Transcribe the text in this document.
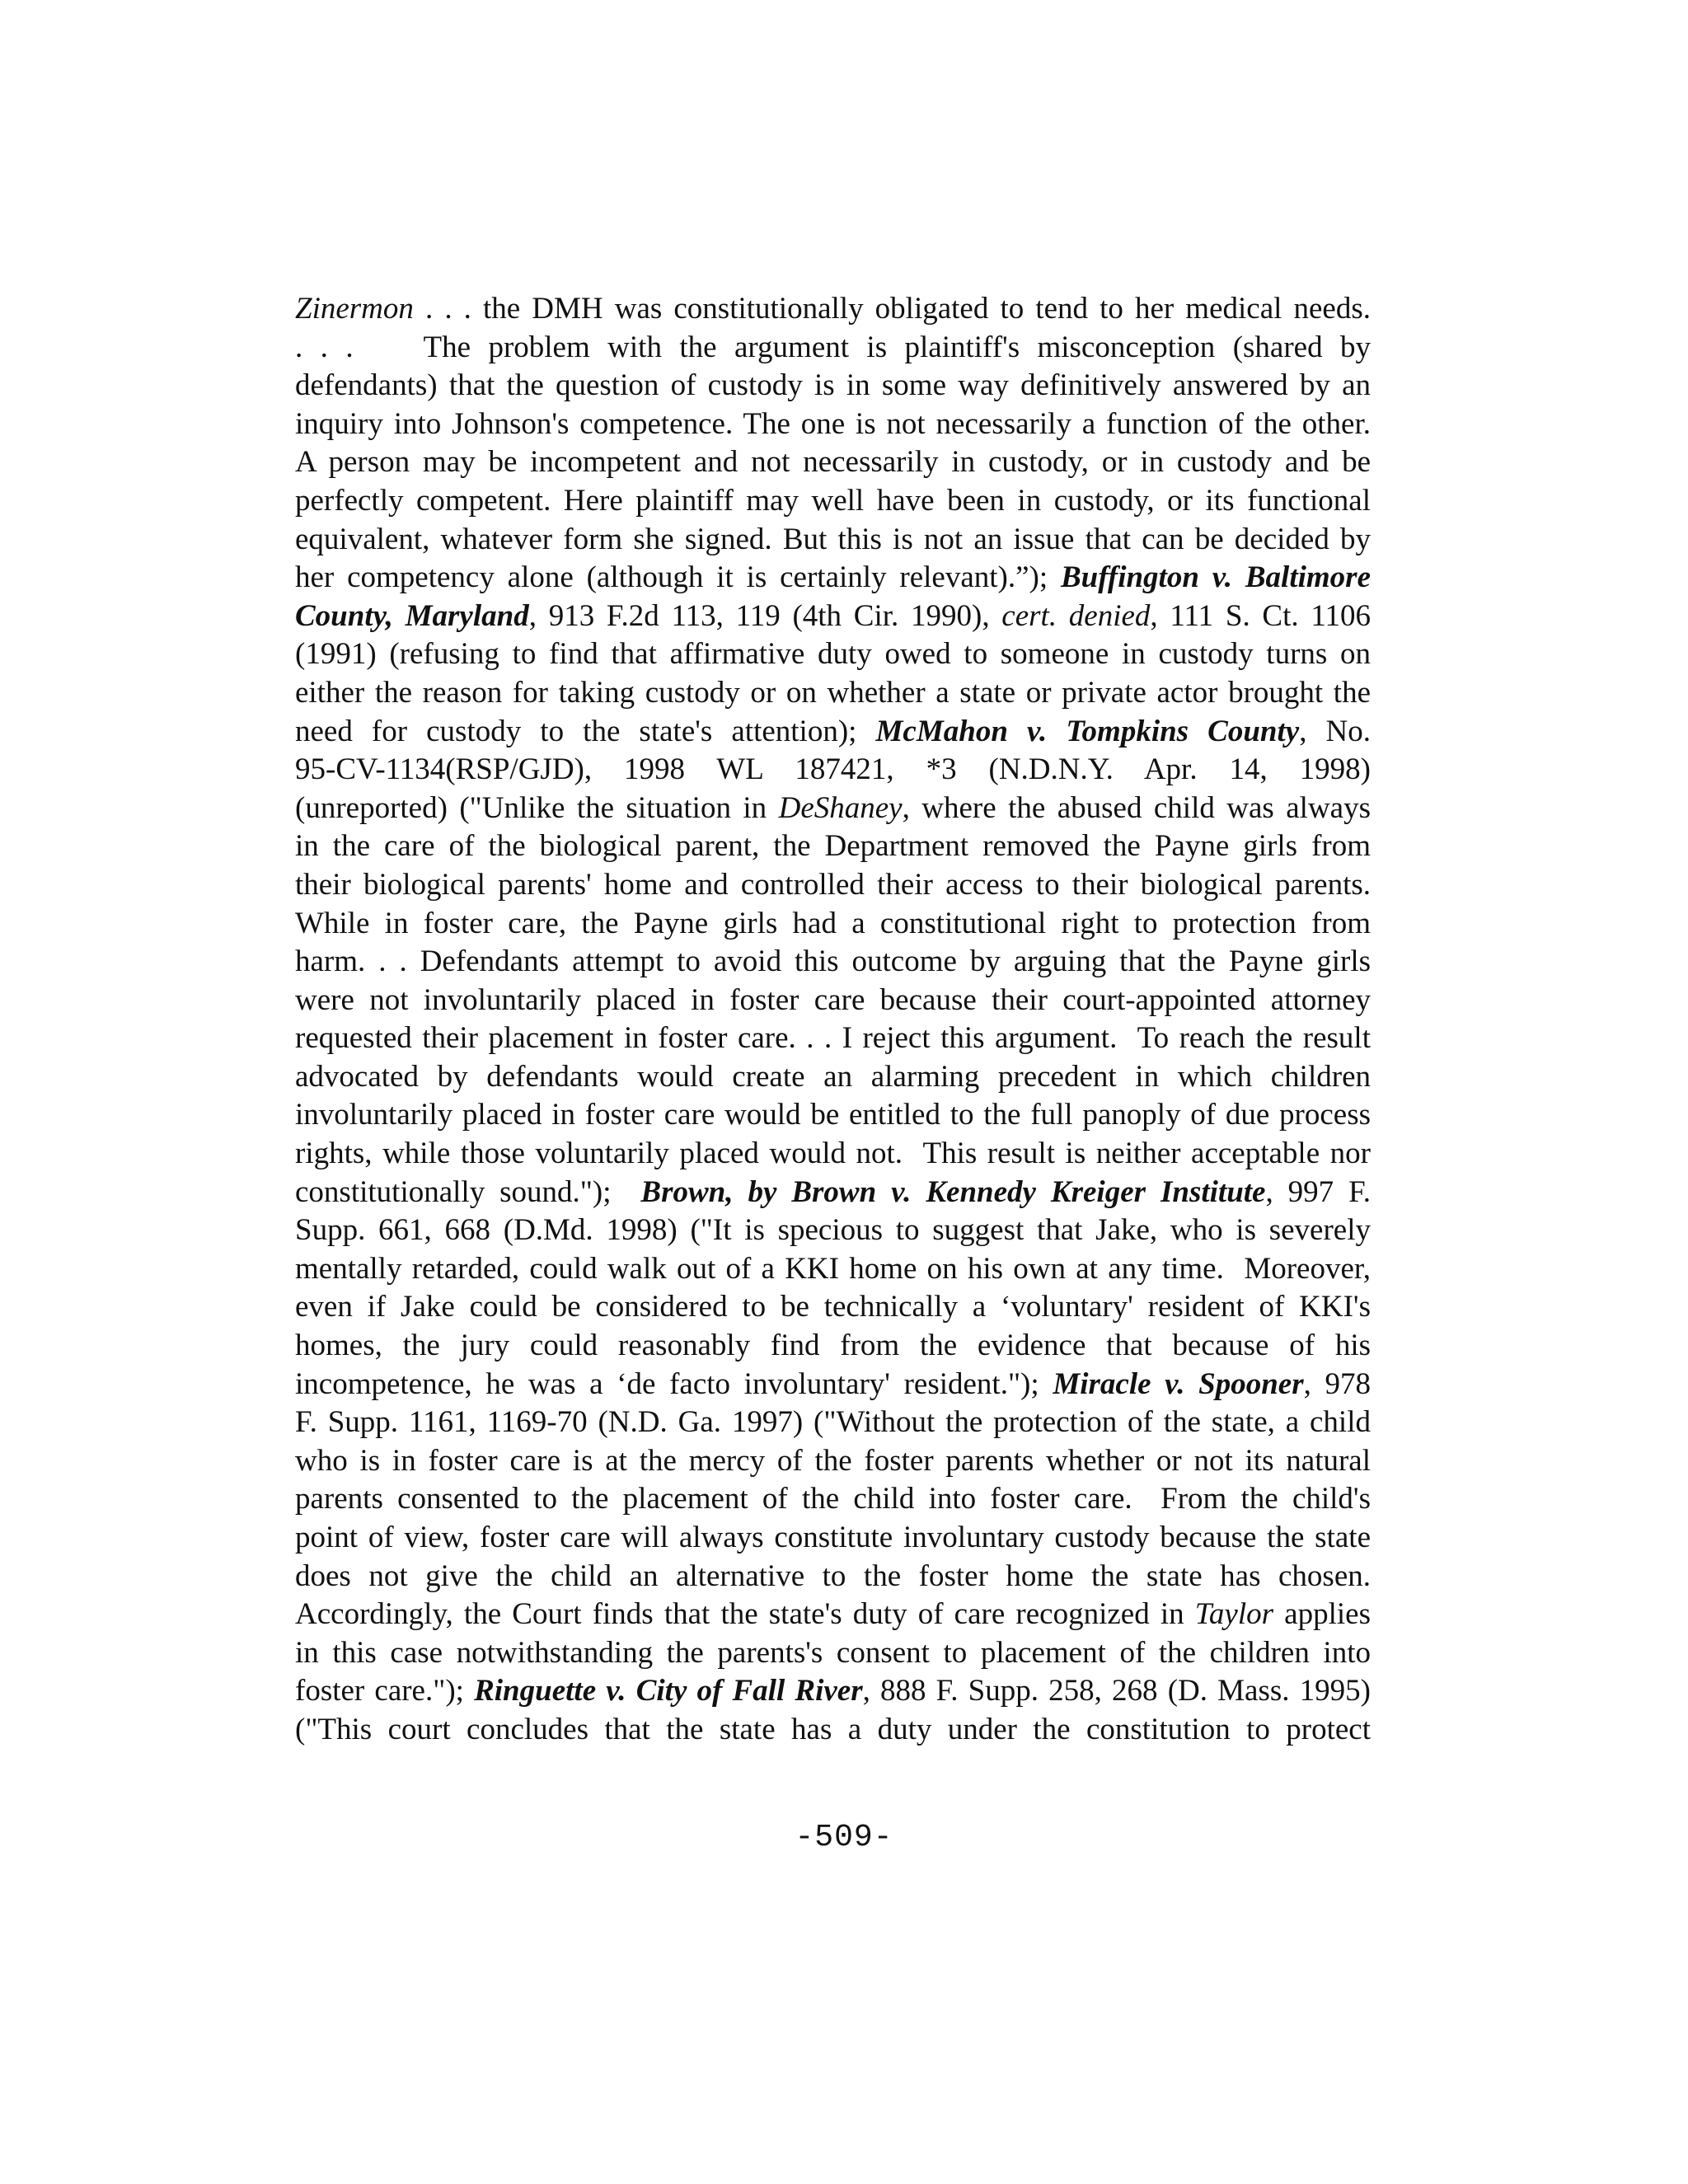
Zinermon . . . the DMH was constitutionally obligated to tend to her medical needs.
. . .    The problem with the argument is plaintiff's misconception (shared by
defendants) that the question of custody is in some way definitively answered by an
inquiry into Johnson's competence. The one is not necessarily a function of the other.
A person may be incompetent and not necessarily in custody, or in custody and be
perfectly competent. Here plaintiff may well have been in custody, or its functional
equivalent, whatever form she signed. But this is not an issue that can be decided by
her competency alone (although it is certainly relevant).”); Buffington v. Baltimore
County, Maryland, 913 F.2d 113, 119 (4th Cir. 1990), cert. denied, 111 S. Ct. 1106
(1991) (refusing to find that affirmative duty owed to someone in custody turns on
either the reason for taking custody or on whether a state or private actor brought the
need for custody to the state's attention); McMahon v. Tompkins County, No.
95-CV-1134(RSP/GJD), 1998 WL 187421, *3 (N.D.N.Y. Apr. 14, 1998)
(unreported) ("Unlike the situation in DeShaney, where the abused child was always
in the care of the biological parent, the Department removed the Payne girls from
their biological parents' home and controlled their access to their biological parents.
While in foster care, the Payne girls had a constitutional right to protection from
harm. . . Defendants attempt to avoid this outcome by arguing that the Payne girls
were not involuntarily placed in foster care because their court-appointed attorney
requested their placement in foster care. . . I reject this argument.  To reach the result
advocated by defendants would create an alarming precedent in which children
involuntarily placed in foster care would be entitled to the full panoply of due process
rights, while those voluntarily placed would not.  This result is neither acceptable nor
constitutionally sound.");  Brown, by Brown v. Kennedy Kreiger Institute, 997 F.
Supp. 661, 668 (D.Md. 1998) ("It is specious to suggest that Jake, who is severely
mentally retarded, could walk out of a KKI home on his own at any time.  Moreover,
even if Jake could be considered to be technically a ‘voluntary' resident of KKI's
homes, the jury could reasonably find from the evidence that because of his
incompetence, he was a ‘de facto involuntary' resident."); Miracle v. Spooner, 978
F. Supp. 1161, 1169-70 (N.D. Ga. 1997) ("Without the protection of the state, a child
who is in foster care is at the mercy of the foster parents whether or not its natural
parents consented to the placement of the child into foster care.  From the child's
point of view, foster care will always constitute involuntary custody because the state
does not give the child an alternative to the foster home the state has chosen.
Accordingly, the Court finds that the state's duty of care recognized in Taylor applies
in this case notwithstanding the parents's consent to placement of the children into
foster care."); Ringuette v. City of Fall River, 888 F. Supp. 258, 268 (D. Mass. 1995)
("This court concludes that the state has a duty under the constitution to protect
-509-
